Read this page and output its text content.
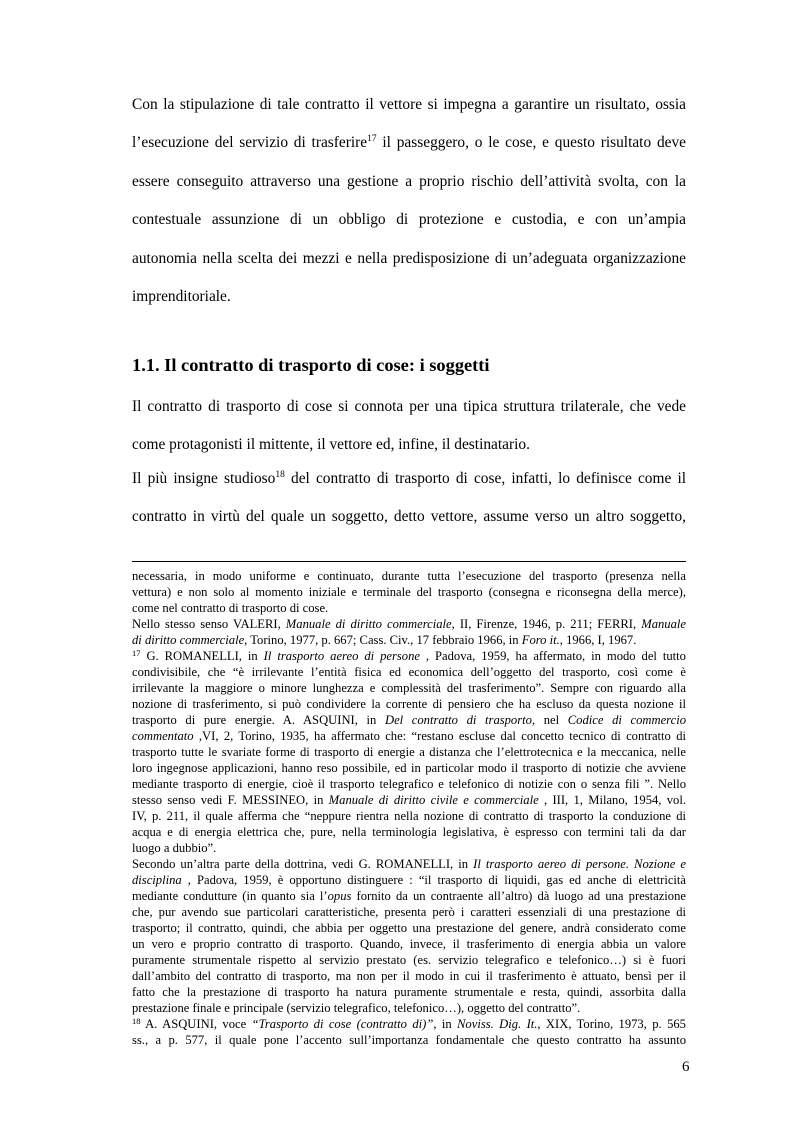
Con la stipulazione di tale contratto il vettore si impegna a garantire un risultato, ossia
l’esecuzione del servizio di trasferire$^{17}$ il passeggero, o le cose, e questo risultato deve
essere conseguito attraverso una gestione a proprio rischio dell’attività svolta, con la
contestuale assunzione di un obbligo di protezione e custodia, e con un’ampia
autonomia nella scelta dei mezzi e nella predisposizione di un’adeguata organizzazione
imprenditoriale.
1.1. Il contratto di trasporto di cose: i soggetti
Il contratto di trasporto di cose si connota per una tipica struttura trilaterale, che vede
come protagonisti il mittente, il vettore ed, infine, il destinatario.
Il più insigne studioso$^{18}$ del contratto di trasporto di cose, infatti, lo definisce come il
contratto in virtù del quale un soggetto, detto vettore, assume verso un altro soggetto,
necessaria, in modo uniforme e continuato, durante tutta l’esecuzione del trasporto (presenza nella
vettura) e non solo al momento iniziale e terminale del trasporto (consegna e riconsegna della merce),
come nel contratto di trasporto di cose.
Nello stesso senso VALERI, Manuale di diritto commerciale, II, Firenze, 1946, p. 211; FERRI, Manuale
di diritto commerciale, Torino, 1977, p. 667; Cass. Civ., 17 febbraio 1966, in Foro it., 1966, I, 1967.
$^{17}$ G. ROMANELLI, in Il trasporto aereo di persone , Padova, 1959, ha affermato, in modo del tutto
condivisibile, che “è irrilevante l’entità fisica ed economica dell’oggetto del trasporto, così come è
irrilevante la maggiore o minore lunghezza e complessità del trasferimento”. Sempre con riguardo alla
nozione di trasferimento, si può condividere la corrente di pensiero che ha escluso da questa nozione il
trasporto di pure energie. A. ASQUINI, in Del contratto di trasporto, nel Codice di commercio
commentato ,VI, 2, Torino, 1935, ha affermato che: “restano escluse dal concetto tecnico di contratto di
trasporto tutte le svariate forme di trasporto di energie a distanza che l’elettrotecnica e la meccanica, nelle
loro ingegnose applicazioni, hanno reso possibile, ed in particolar modo il trasporto di notizie che avviene
mediante trasporto di energie, cioè il trasporto telegrafico e telefonico di notizie con o senza fili ”. Nello
stesso senso vedi F. MESSINEO, in Manuale di diritto civile e commerciale , III, 1, Milano, 1954, vol.
IV, p. 211, il quale afferma che “neppure rientra nella nozione di contratto di trasporto la conduzione di
acqua e di energia elettrica che, pure, nella terminologia legislativa, è espresso con termini tali da dar
luogo a dubbio”.
Secondo un’altra parte della dottrina, vedi G. ROMANELLI, in Il trasporto aereo di persone. Nozione e
disciplina , Padova, 1959, è opportuno distinguere : “il trasporto di liquidi, gas ed anche di elettricità
mediante condutture (in quanto sia l’opus fornito da un contraente all’altro) dà luogo ad una prestazione
che, pur avendo sue particolari caratteristiche, presenta però i caratteri essenziali di una prestazione di
trasporto; il contratto, quindi, che abbia per oggetto una prestazione del genere, andrà considerato come
un vero e proprio contratto di trasporto. Quando, invece, il trasferimento di energia abbia un valore
puramente strumentale rispetto al servizio prestato (es. servizio telegrafico e telefonico…) si è fuori
dall’ambito del contratto di trasporto, ma non per il modo in cui il trasferimento è attuato, bensì per il
fatto che la prestazione di trasporto ha natura puramente strumentale e resta, quindi, assorbita dalla
prestazione finale e principale (servizio telegrafico, telefonico…), oggetto del contratto”.
$^{18}$ A. ASQUINI, voce “Trasporto di cose (contratto di)”, in Noviss. Dig. It., XIX, Torino, 1973, p. 565
ss., a p. 577, il quale pone l’accento sull’importanza fondamentale che questo contratto ha assunto
6
